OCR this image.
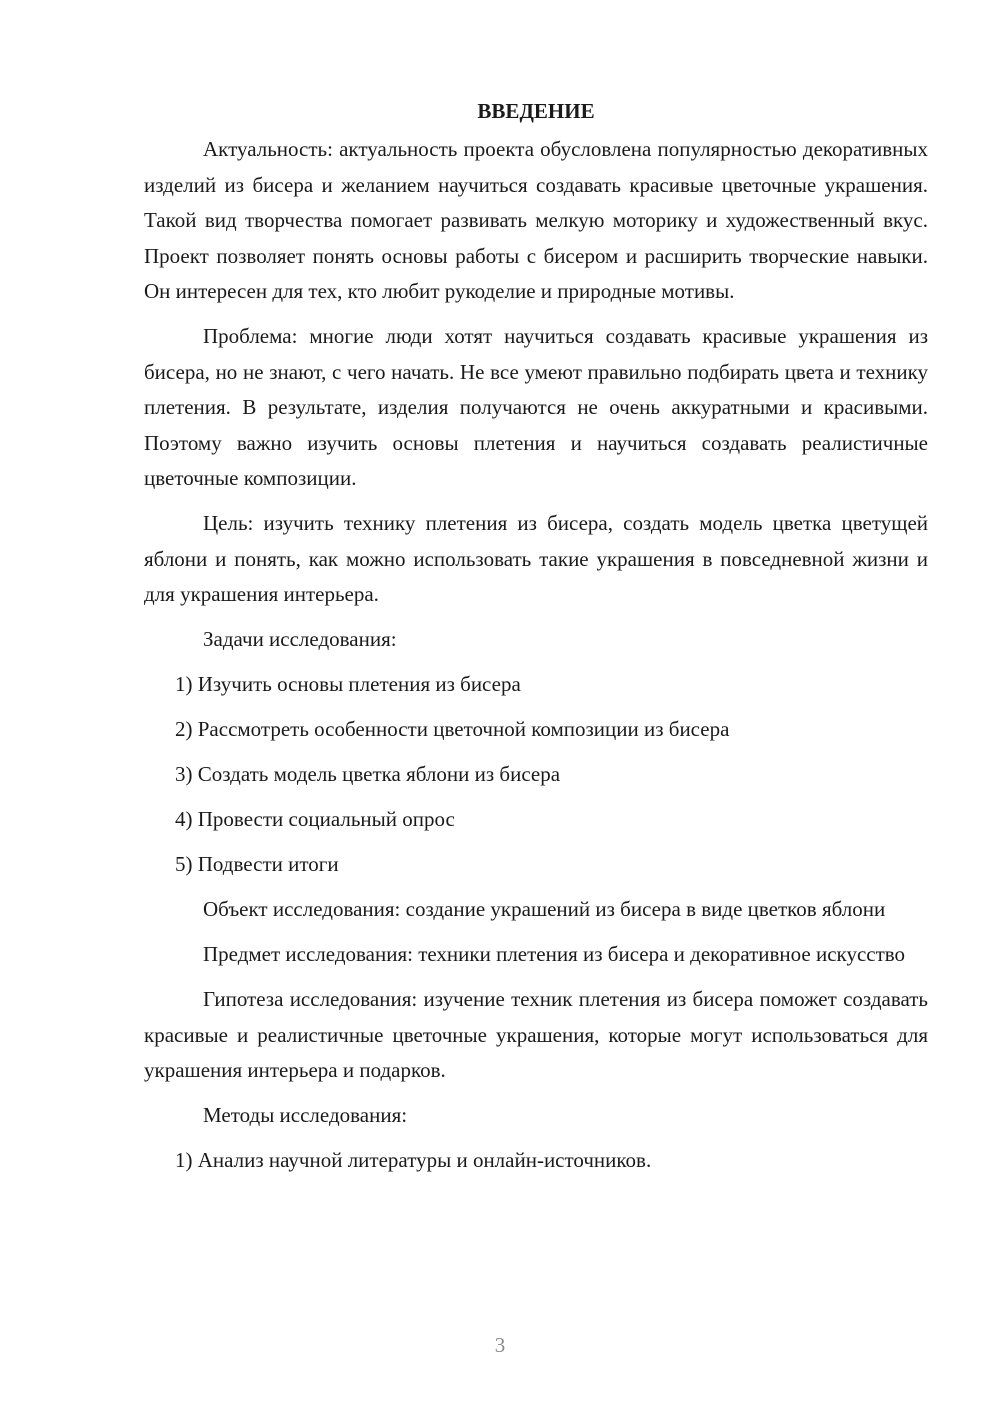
ВВЕДЕНИЕ

Актуальность: актуальность проекта обусловлена популярностью декоративных изделий из бисера и желанием научиться создавать красивые цветочные украшения. Такой вид творчества помогает развивать мелкую моторику и художественный вкус. Проект позволяет понять основы работы с бисером и расширить творческие навыки. Он интересен для тех, кто любит рукоделие и природные мотивы.

Проблема: многие люди хотят научиться создавать красивые украшения из бисера, но не знают, с чего начать. Не все умеют правильно подбирать цвета и технику плетения. В результате, изделия получаются не очень аккуратными и красивыми. Поэтому важно изучить основы плетения и научиться создавать реалистичные цветочные композиции.

Цель: изучить технику плетения из бисера, создать модель цветка цветущей яблони и понять, как можно использовать такие украшения в повседневной жизни и для украшения интерьера.

Задачи исследования:

1) Изучить основы плетения из бисера

2) Рассмотреть особенности цветочной композиции из бисера

3) Создать модель цветка яблони из бисера

4) Провести социальный опрос

5) Подвести итоги

Объект исследования: создание украшений из бисера в виде цветков яблони

Предмет исследования: техники плетения из бисера и декоративное искусство

Гипотеза исследования: изучение техник плетения из бисера поможет создавать красивые и реалистичные цветочные украшения, которые могут использоваться для украшения интерьера и подарков.

Методы исследования:

1) Анализ научной литературы и онлайн-источников.

3
